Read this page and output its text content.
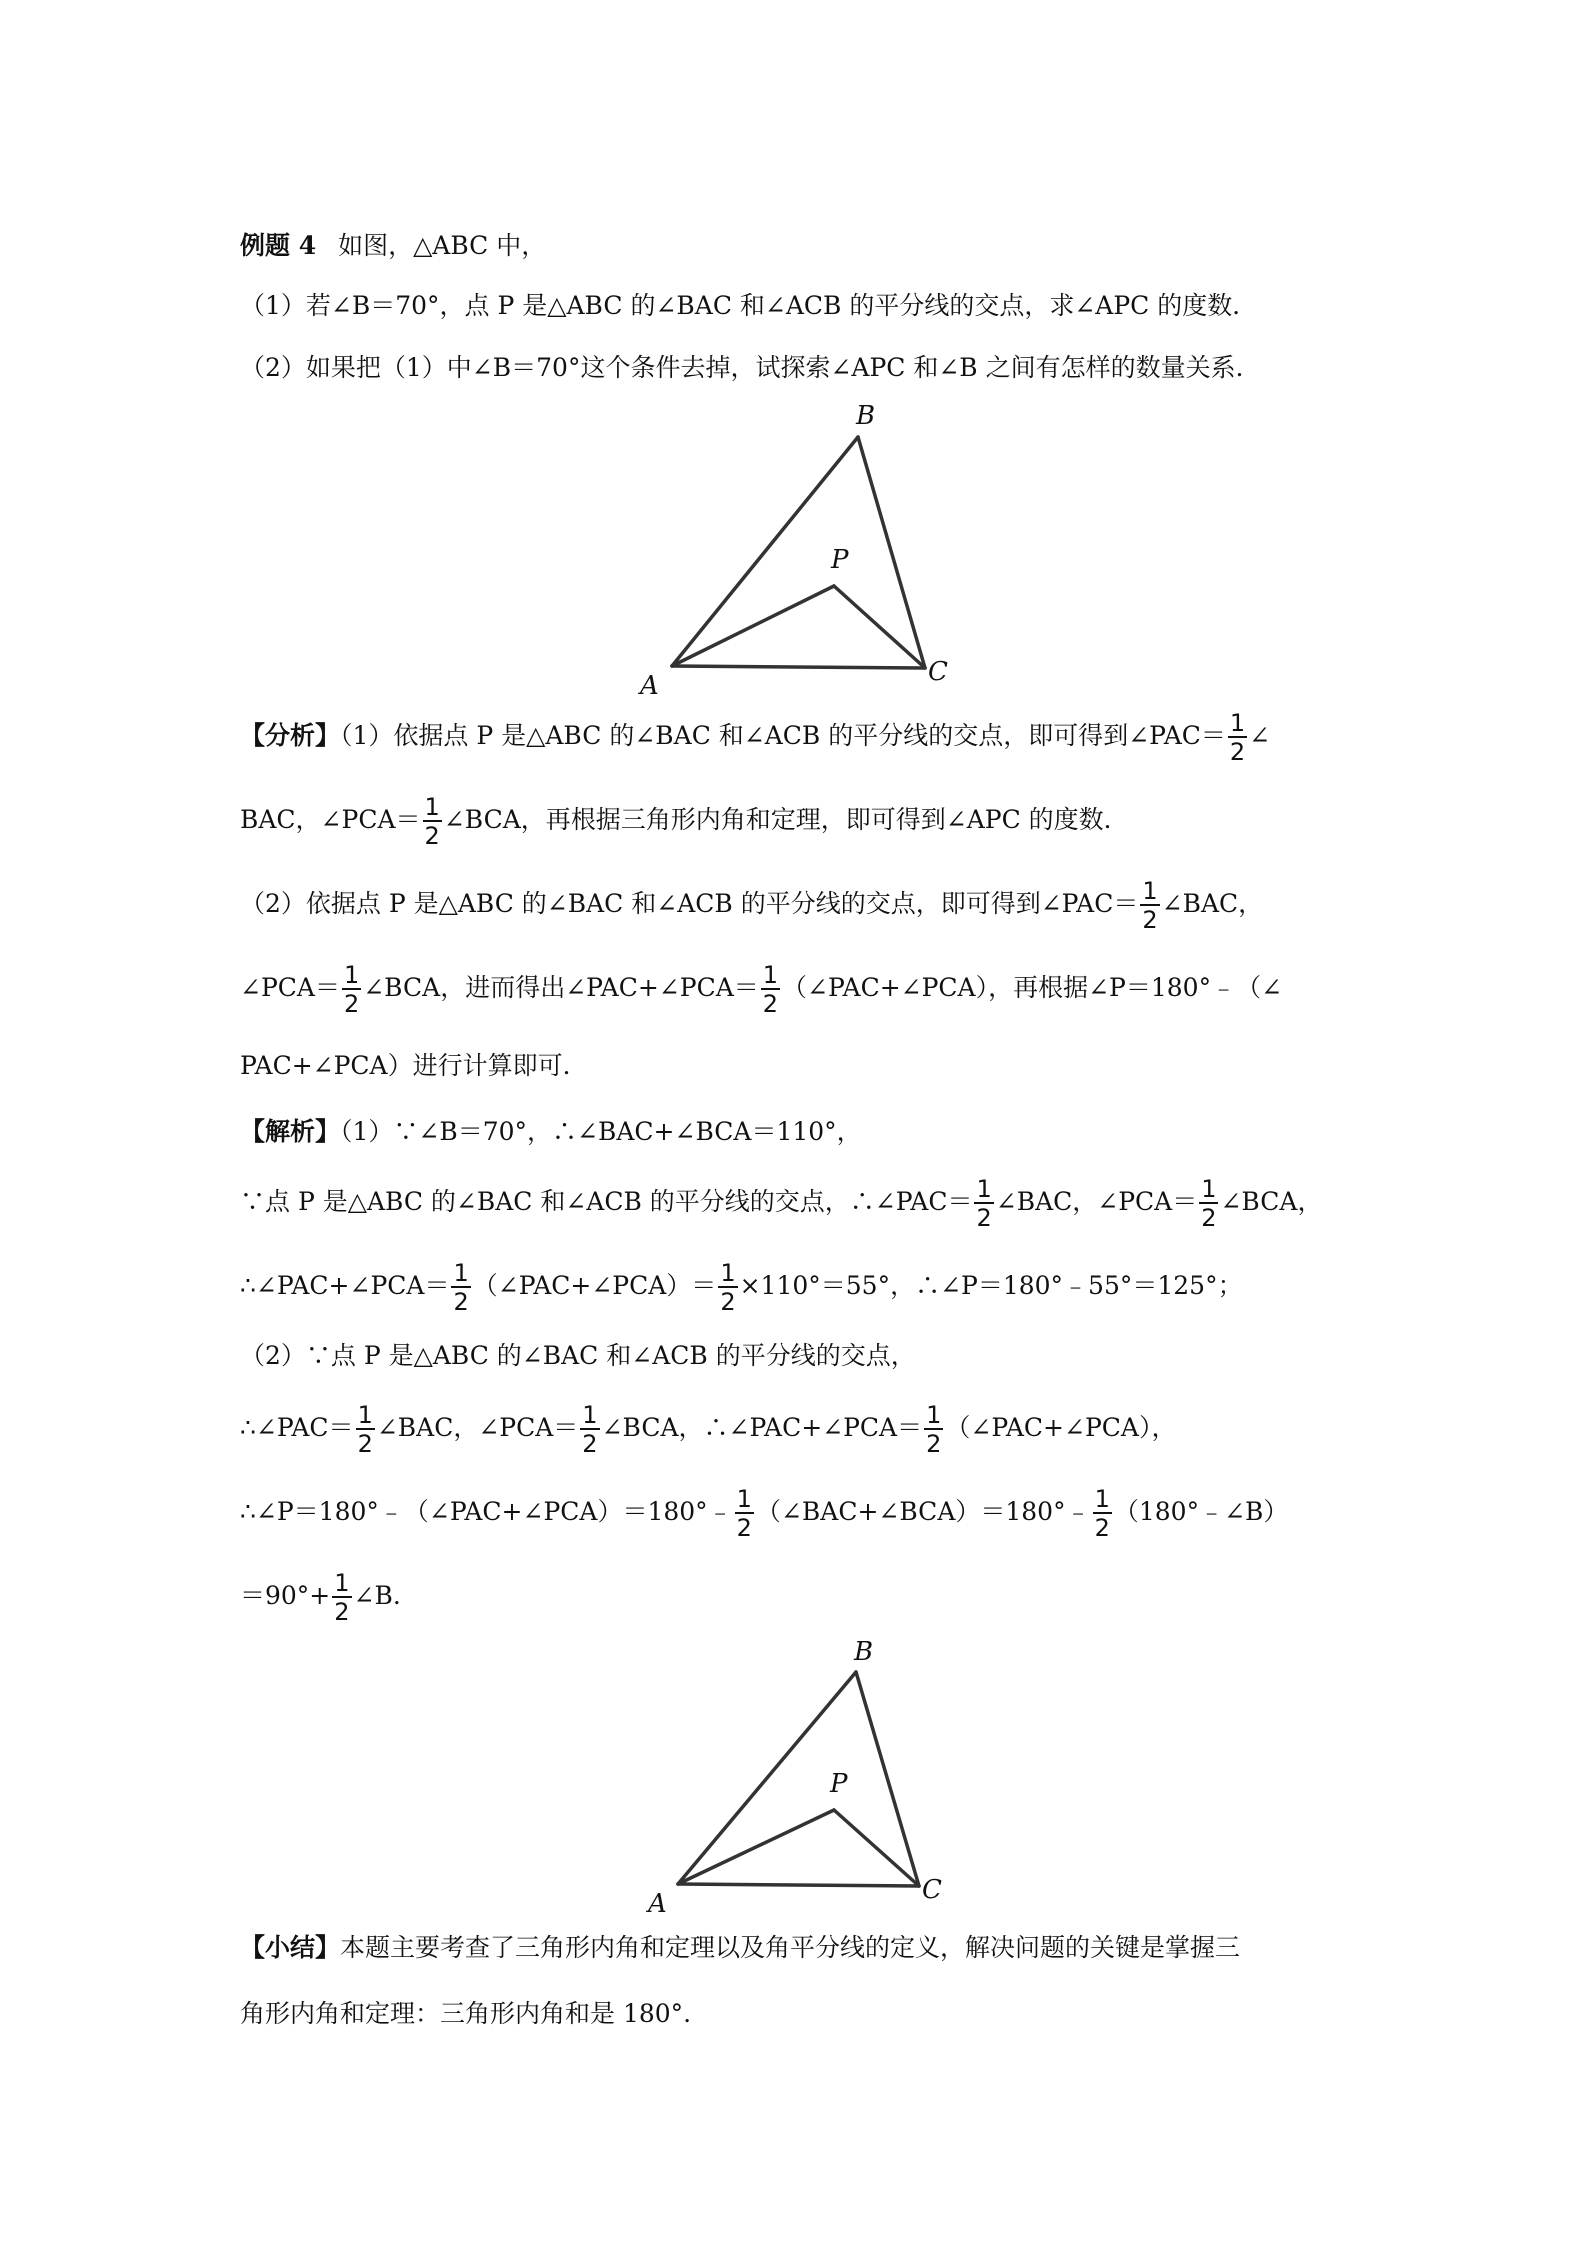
例题 4 如图，△ABC 中，
（1）若∠B＝70°，点 P 是△ABC 的∠BAC 和∠ACB 的平分线的交点，求∠APC 的度数．
（2）如果把（1）中∠B＝70°这个条件去掉，试探索∠APC 和∠B 之间有怎样的数量关系．
B
P
A	C
【分析】（1）依据点 P 是△ABC 的∠BAC 和∠ACB 的平分线的交点，即可得到∠PAC＝ $\frac{1}{2}$ ∠
BAC，∠PCA＝ $\frac{1}{2}$ ∠BCA，再根据三角形内角和定理，即可得到∠APC 的度数．
（2）依据点 P 是△ABC 的∠BAC 和∠ACB 的平分线的交点，即可得到∠PAC＝ $\frac{1}{2}$ ∠BAC，
∠PCA＝ $\frac{1}{2}$ ∠BCA，进而得出∠PAC+∠PCA＝ $\frac{1}{2}$ （∠PAC+∠PCA），再根据∠P＝180°﹣（∠
PAC+∠PCA）进行计算即可．
【解析】（1）∵∠B＝70°，∴∠BAC+∠BCA＝110°，
∵点 P 是△ABC 的∠BAC 和∠ACB 的平分线的交点，∴∠PAC＝ $\frac{1}{2}$ ∠BAC，∠PCA＝ $\frac{1}{2}$ ∠BCA，
∴∠PAC+∠PCA＝ $\frac{1}{2}$ （∠PAC+∠PCA）＝ $\frac{1}{2} \times 110^\circ=55^\circ$，∴∠P＝180°﹣55°＝125°；
（2）∵点 P 是△ABC 的∠BAC 和∠ACB 的平分线的交点，
∴∠PAC＝ $\frac{1}{2}$ ∠BAC，∠PCA＝ $\frac{1}{2}$ ∠BCA，∴∠PAC+∠PCA＝ $\frac{1}{2}$ （∠PAC+∠PCA），
∴∠P＝180°﹣（∠PAC+∠PCA）＝180°﹣ $\frac{1}{2}$ （∠BAC+∠BCA）＝180°﹣ $\frac{1}{2}$ （180°﹣∠B）
$=90^\circ+ \frac{1}{2}$ ∠B.
B
P
A	C
【小结】本题主要考查了三角形内角和定理以及角平分线的定义，解决问题的关键是掌握三
角形内角和定理：三角形内角和是 180°.
